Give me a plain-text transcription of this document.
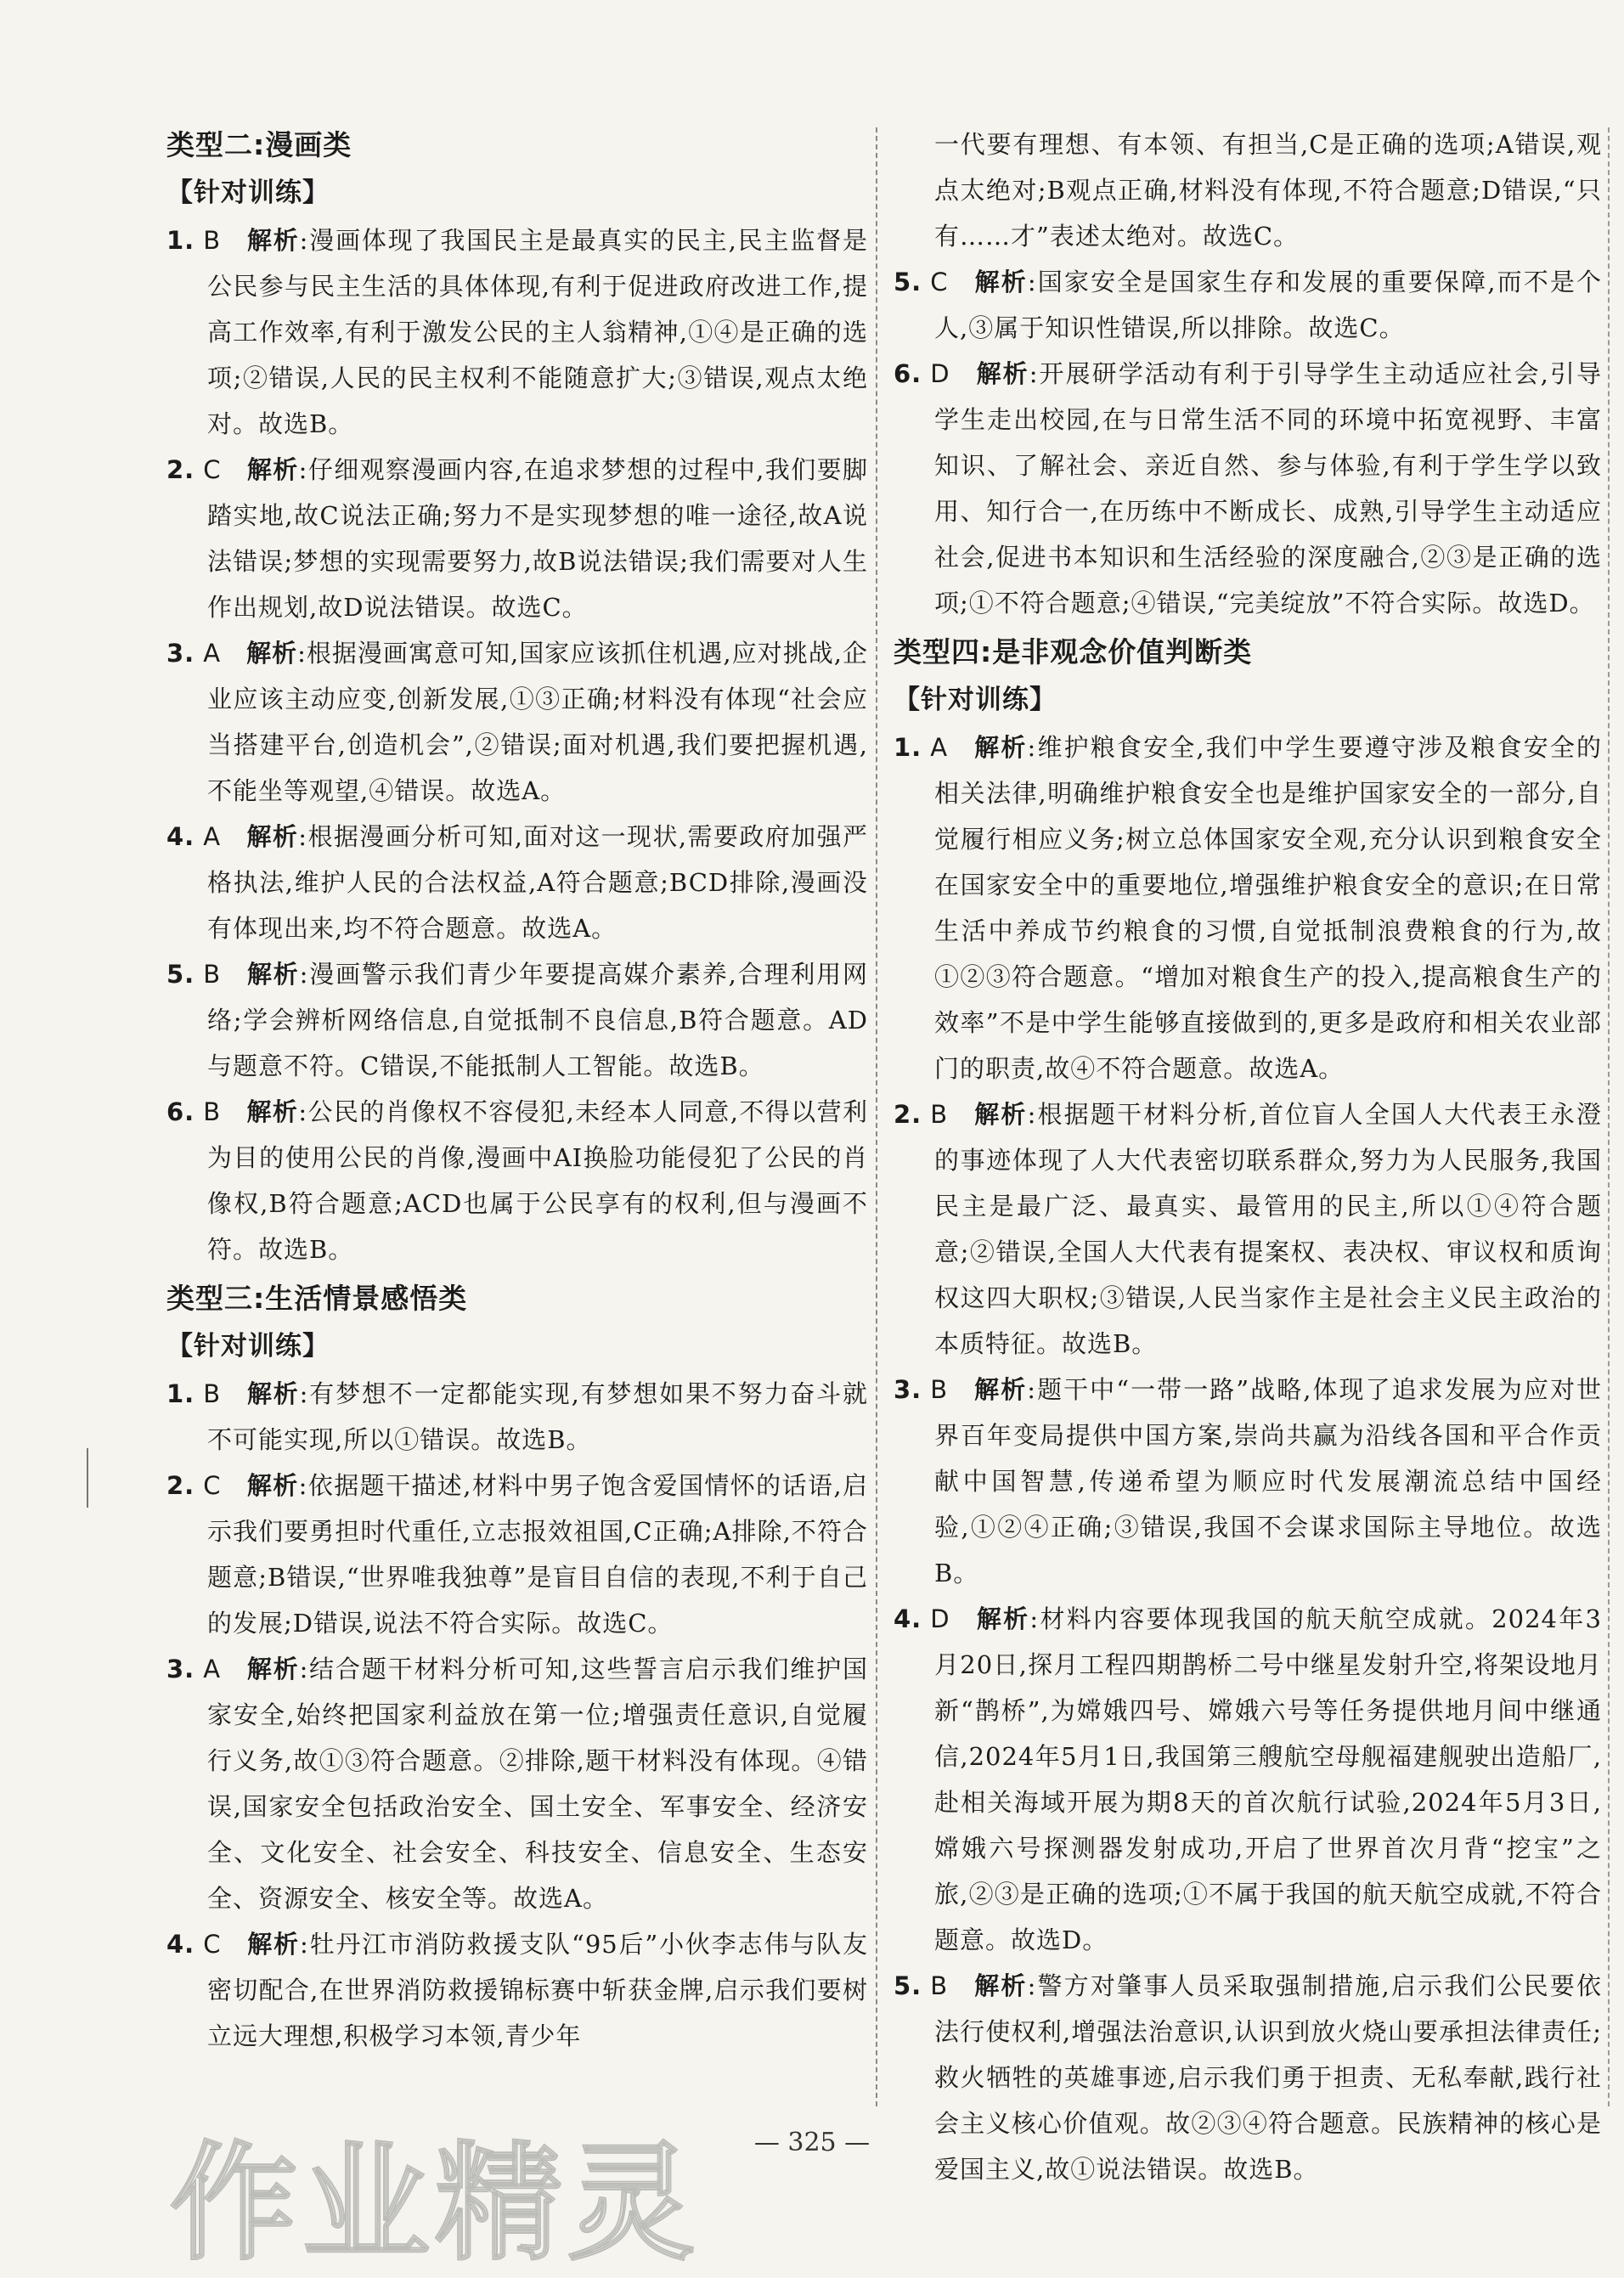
类型二:漫画类
【针对训练】

1. B 解析:漫画体现了我国民主是最真实的民主,民主监督是公民参与民主生活的具体体现,有利于促进政府改进工作,提高工作效率,有利于激发公民的主人翁精神,①④是正确的选项;②错误,人民的民主权利不能随意扩大;③错误,观点太绝对。故选B。

2. C 解析:仔细观察漫画内容,在追求梦想的过程中,我们要脚踏实地,故C说法正确;努力不是实现梦想的唯一途径,故A说法错误;梦想的实现需要努力,故B说法错误;我们需要对人生作出规划,故D说法错误。故选C。

3. A 解析:根据漫画寓意可知,国家应该抓住机遇,应对挑战,企业应该主动应变,创新发展,①③正确;材料没有体现“社会应当搭建平台,创造机会”,②错误;面对机遇,我们要把握机遇,不能坐等观望,④错误。故选A。

4. A 解析:根据漫画分析可知,面对这一现状,需要政府加强严格执法,维护人民的合法权益,A符合题意;BCD排除,漫画没有体现出来,均不符合题意。故选A。

5. B 解析:漫画警示我们青少年要提高媒介素养,合理利用网络;学会辨析网络信息,自觉抵制不良信息,B符合题意。AD与题意不符。C错误,不能抵制人工智能。故选B。

6. B 解析:公民的肖像权不容侵犯,未经本人同意,不得以营利为目的使用公民的肖像,漫画中AI换脸功能侵犯了公民的肖像权,B符合题意;ACD也属于公民享有的权利,但与漫画不符。故选B。

类型三:生活情景感悟类
【针对训练】

1. B 解析:有梦想不一定都能实现,有梦想如果不努力奋斗就不可能实现,所以①错误。故选B。

2. C 解析:依据题干描述,材料中男子饱含爱国情怀的话语,启示我们要勇担时代重任,立志报效祖国,C正确;A排除,不符合题意;B错误,“世界唯我独尊”是盲目自信的表现,不利于自己的发展;D错误,说法不符合实际。故选C。

3. A 解析:结合题干材料分析可知,这些誓言启示我们维护国家安全,始终把国家利益放在第一位;增强责任意识,自觉履行义务,故①③符合题意。②排除,题干材料没有体现。④错误,国家安全包括政治安全、国土安全、军事安全、经济安全、文化安全、社会安全、科技安全、信息安全、生态安全、资源安全、核安全等。故选A。

4. C 解析:牡丹江市消防救援支队“95后”小伙李志伟与队友密切配合,在世界消防救援锦标赛中斩获金牌,启示我们要树立远大理想,积极学习本领,青少年

一代要有理想、有本领、有担当,C是正确的选项;A错误,观点太绝对;B观点正确,材料没有体现,不符合题意;D错误,“只有……才”表述太绝对。故选C。

5. C 解析:国家安全是国家生存和发展的重要保障,而不是个人,③属于知识性错误,所以排除。故选C。

6. D 解析:开展研学活动有利于引导学生主动适应社会,引导学生走出校园,在与日常生活不同的环境中拓宽视野、丰富知识、了解社会、亲近自然、参与体验,有利于学生学以致用、知行合一,在历练中不断成长、成熟,引导学生主动适应社会,促进书本知识和生活经验的深度融合,②③是正确的选项;①不符合题意;④错误,“完美绽放”不符合实际。故选D。

类型四:是非观念价值判断类
【针对训练】

1. A 解析:维护粮食安全,我们中学生要遵守涉及粮食安全的相关法律,明确维护粮食安全也是维护国家安全的一部分,自觉履行相应义务;树立总体国家安全观,充分认识到粮食安全在国家安全中的重要地位,增强维护粮食安全的意识;在日常生活中养成节约粮食的习惯,自觉抵制浪费粮食的行为,故①②③符合题意。“增加对粮食生产的投入,提高粮食生产的效率”不是中学生能够直接做到的,更多是政府和相关农业部门的职责,故④不符合题意。故选A。

2. B 解析:根据题干材料分析,首位盲人全国人大代表王永澄的事迹体现了人大代表密切联系群众,努力为人民服务,我国民主是最广泛、最真实、最管用的民主,所以①④符合题意;②错误,全国人大代表有提案权、表决权、审议权和质询权这四大职权;③错误,人民当家作主是社会主义民主政治的本质特征。故选B。

3. B 解析:题干中“一带一路”战略,体现了追求发展为应对世界百年变局提供中国方案,崇尚共赢为沿线各国和平合作贡献中国智慧,传递希望为顺应时代发展潮流总结中国经验,①②④正确;③错误,我国不会谋求国际主导地位。故选B。

4. D 解析:材料内容要体现我国的航天航空成就。2024年3月20日,探月工程四期鹊桥二号中继星发射升空,将架设地月新“鹊桥”,为嫦娥四号、嫦娥六号等任务提供地月间中继通信,2024年5月1日,我国第三艘航空母舰福建舰驶出造船厂,赴相关海域开展为期8天的首次航行试验,2024年5月3日,嫦娥六号探测器发射成功,开启了世界首次月背“挖宝”之旅,②③是正确的选项;①不属于我国的航天航空成就,不符合题意。故选D。

5. B 解析:警方对肇事人员采取强制措施,启示我们公民要依法行使权利,增强法治意识,认识到放火烧山要承担法律责任;救火牺牲的英雄事迹,启示我们勇于担责、无私奉献,践行社会主义核心价值观。故②③④符合题意。民族精神的核心是爱国主义,故①说法错误。故选B。

— 325 —
作业精灵
